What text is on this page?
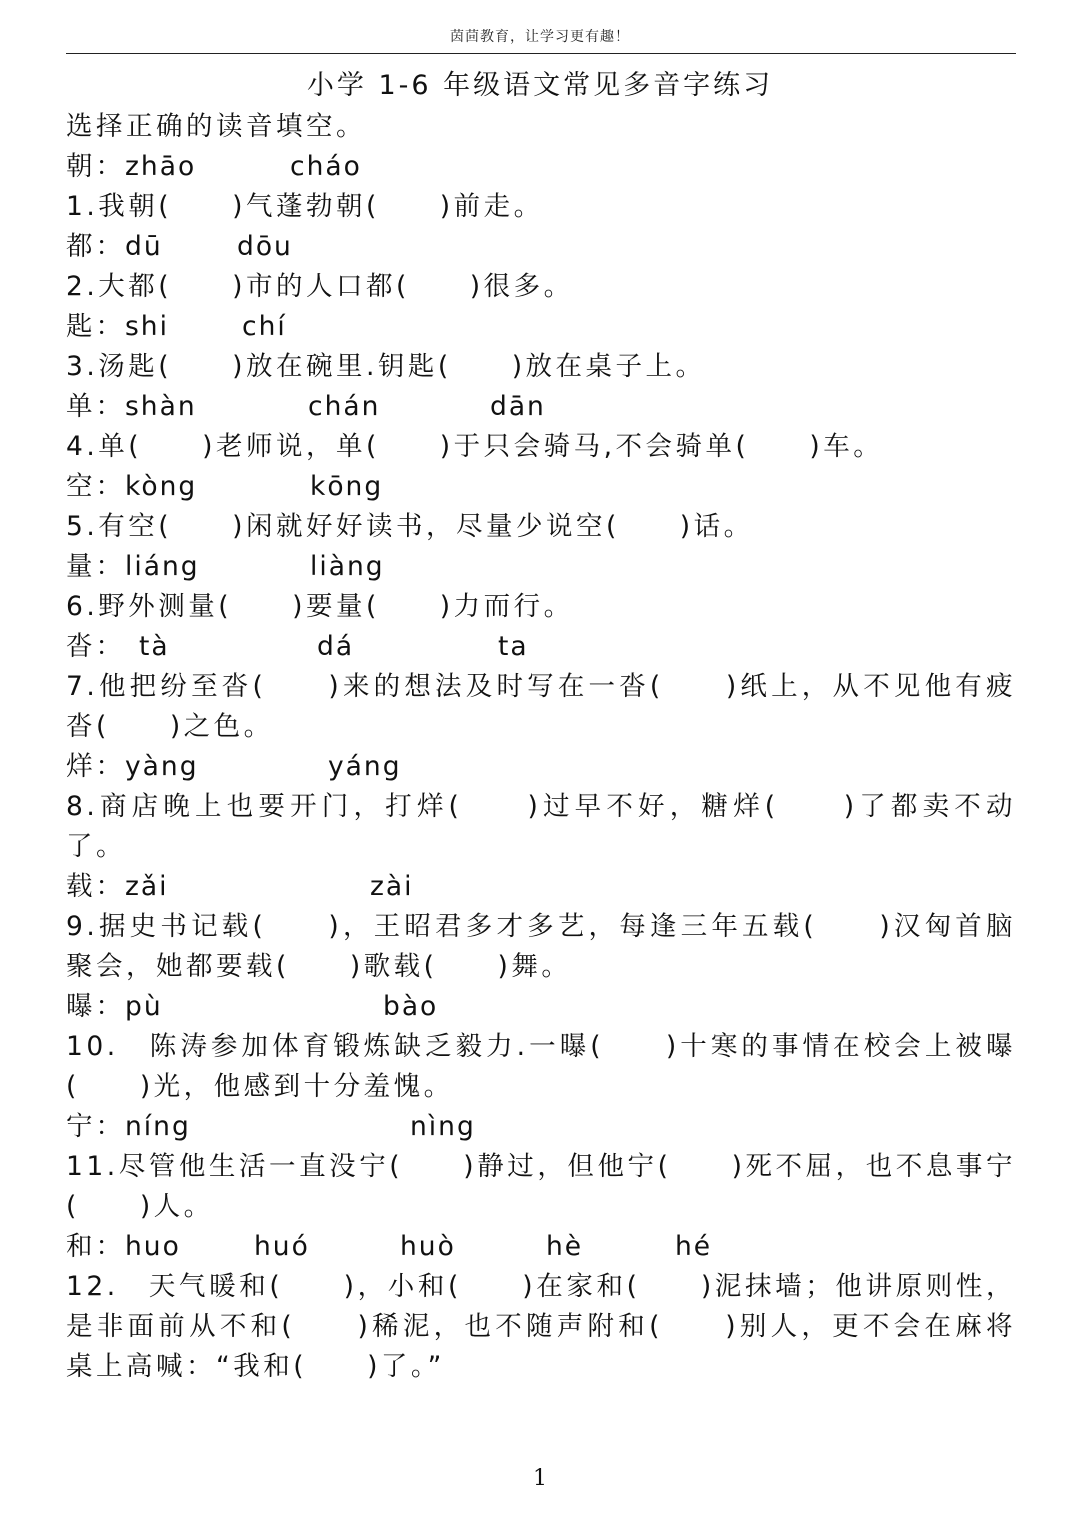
茵茴教育，让学习更有趣！
小学 1-6 年级语文常见多音字练习
选择正确的读音填空。
朝： zhāo	cháo
1.我朝(　　)气蓬勃朝(　　)前走。
都： dū	dōu
2.大都(　　)市的人口都(　　)很多。
匙： shi	chí
3.汤匙(　　)放在碗里.钥匙(　　)放在桌子上。
单： shàn	chán	dān
4.单(　　)老师说，单(　　)于只会骑马,不会骑单(　　)车。
空： kòng	kōng
5.有空(　　)闲就好好读书，尽量少说空(　　)话。
量： liáng	liàng
6.野外测量(　　)要量(　　)力而行。
沓： tà	dá	ta
7.他把纷至沓(　　)来的想法及时写在一沓(　　)纸上，从不见他有疲沓(　　)之色。
烊： yàng	yáng
8.商店晚上也要开门，打烊(　　)过早不好，糖烊(　　)了都卖不动了。
载： zǎi	zài
9.据史书记载(　　)，王昭君多才多艺，每逢三年五载(　　)汉匈首脑聚会，她都要载(　　)歌载(　　)舞。
曝： pù	bào
10.　陈涛参加体育锻炼缺乏毅力.一曝(　　)十寒的事情在校会上被曝(　　)光，他感到十分羞愧。
宁： níng	nìng
11.尽管他生活一直没宁(　　)静过，但他宁(　　)死不屈，也不息事宁(　　)人。
和： huo	huó	huò	hè	hé
12.　天气暖和(　　)，小和(　　)在家和(　　)泥抹墙；他讲原则性，是非面前从不和(　　)稀泥，也不随声附和(　　)别人，更不会在麻将桌上高喊：“我和(　　)了。”
1
